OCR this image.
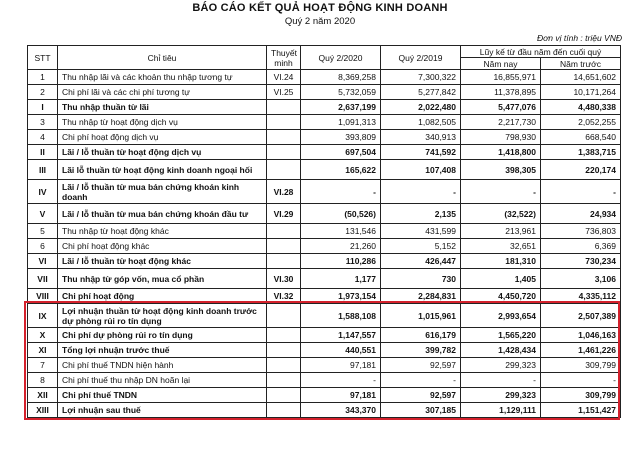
BÁO CÁO KẾT QUẢ HOẠT ĐỘNG KINH DOANH
Quý 2 năm 2020
Đơn vị tính : triệu VNĐ
STT	Chỉ tiêu	Thuyết minh	Quý 2/2020	Quý 2/2019	Lũy kế từ đầu năm đến cuối quý	
					Năm nay	Năm trước
1	Thu nhập lãi và các khoản thu nhập tương tự	VI.24	8,369,258	7,300,322	16,855,971	14,651,602
2	Chi phí lãi và các chi phí tương tự	VI.25	5,732,059	5,277,842	11,378,895	10,171,264
I	Thu nhập thuần từ lãi		2,637,199	2,022,480	5,477,076	4,480,338
3	Thu nhập từ hoạt động dịch vụ		1,091,313	1,082,505	2,217,730	2,052,255
4	Chi phí hoạt động dịch vụ		393,809	340,913	798,930	668,540
II	Lãi / lỗ thuần từ hoạt động dịch vụ		697,504	741,592	1,418,800	1,383,715
III	Lãi lỗ thuần từ hoạt động kinh doanh ngoại hối		165,622	107,408	398,305	220,174
IV	Lãi / lỗ thuần từ mua bán chứng khoán kinh doanh	VI.28	-	-	-	-
V	Lãi / lỗ thuần từ mua bán chứng khoán đầu tư	VI.29	(50,526)	2,135	(32,522)	24,934
5	Thu nhập từ hoạt động khác		131,546	431,599	213,961	736,803
6	Chi phí hoạt động khác		21,260	5,152	32,651	6,369
VI	Lãi / lỗ thuần từ hoạt động khác		110,286	426,447	181,310	730,234
VII	Thu nhập từ góp vốn, mua cổ phần	VI.30	1,177	730	1,405	3,106
VIII	Chi phí hoạt động	VI.32	1,973,154	2,284,831	4,450,720	4,335,112
IX	Lợi nhuận thuần từ hoạt động kinh doanh trước dự phòng rủi ro tín dụng		1,588,108	1,015,961	2,993,654	2,507,389
X	Chi phí dự phòng rủi ro tín dụng		1,147,557	616,179	1,565,220	1,046,163
XI	Tổng lợi nhuận trước thuế		440,551	399,782	1,428,434	1,461,226
7	Chi phí thuế TNDN hiện hành		97,181	92,597	299,323	309,799
8	Chi phí thuế thu nhập DN hoãn lại		-	-	-	-
XII	Chi phí thuế TNDN		97,181	92,597	299,323	309,799
XIII	Lợi nhuận sau thuế		343,370	307,185	1,129,111	1,151,427
